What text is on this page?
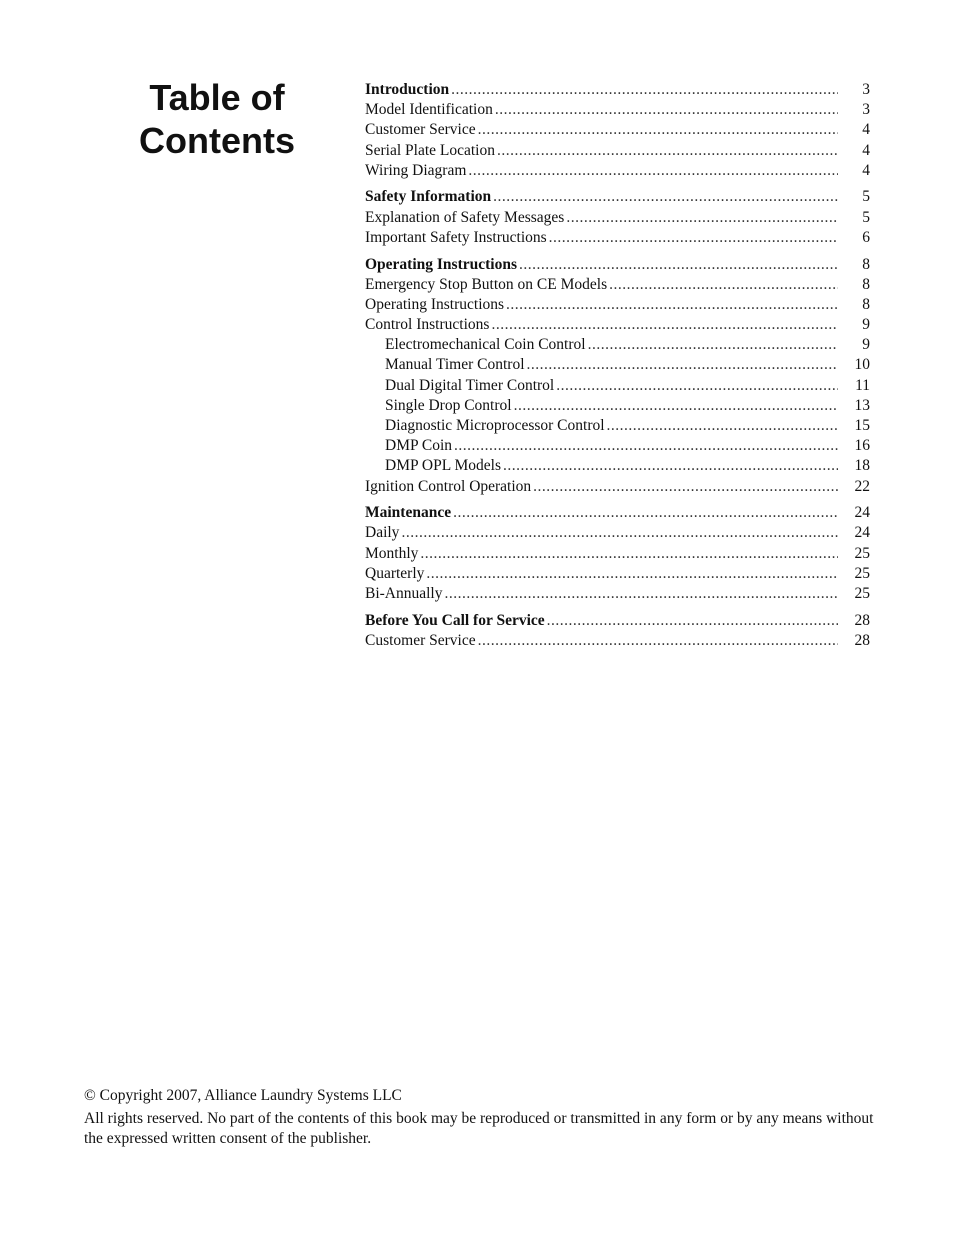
Table of
Contents
Introduction .....	3
Model Identification .....	3
Customer Service .....	4
Serial Plate Location .....	4
Wiring Diagram .....	4
Safety Information .....	5
Explanation of Safety Messages .....	5
Important Safety Instructions .....	6
Operating Instructions .....	8
Emergency Stop Button on CE Models .....	8
Operating Instructions .....	8
Control Instructions .....	9
Electromechanical Coin Control .....	9
Manual Timer Control .....	10
Dual Digital Timer Control .....	11
Single Drop Control .....	13
Diagnostic Microprocessor Control .....	15
DMP Coin .....	16
DMP OPL Models .....	18
Ignition Control Operation .....	22
Maintenance .....	24
Daily .....	24
Monthly .....	25
Quarterly .....	25
Bi-Annually .....	25
Before You Call for Service .....	28
Customer Service .....	28

© Copyright 2007, Alliance Laundry Systems LLC

All rights reserved. No part of the contents of this book may be reproduced or transmitted in any form or by any means without the expressed written consent of the publisher.
